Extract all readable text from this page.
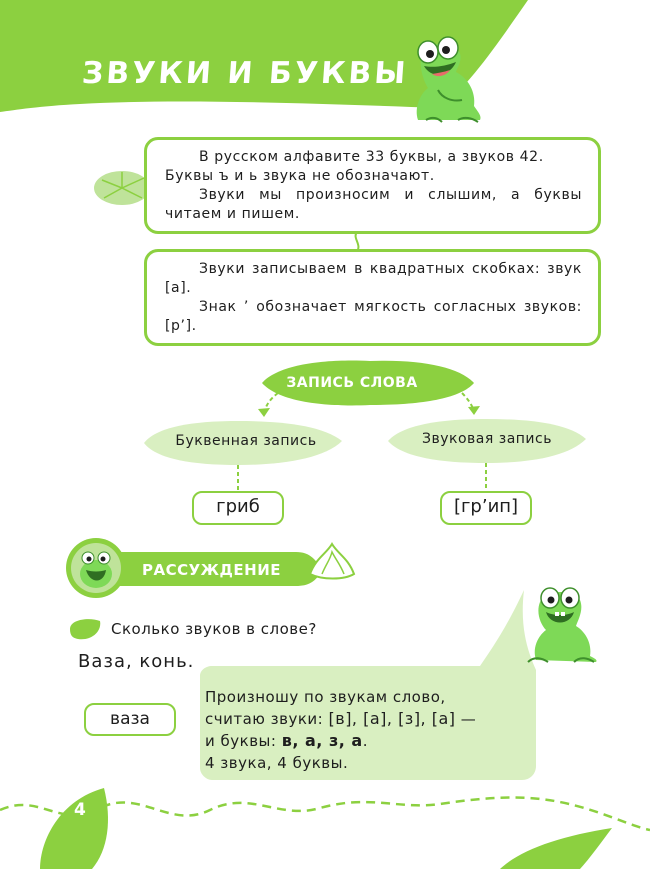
ЗВУКИ И БУКВЫ

В русском алфавите 33 буквы, а звуков 42.

Буквы ъ и ь звука не обозначают.

Звуки мы произносим и слышим, а буквы читаем и пишем.

Звуки записываем в квадратных скобках: звук [а].

Знак ’ обозначает мягкость согласных звуков: [р’].

ЗАПИСЬ СЛОВА
Буквенная запись	Звуковая запись
гриб	[гр’ип]
РАССУЖДЕНИЕ
Сколько звуков в слове?
Ваза, конь.
ваза
Произношу по звукам слово,
считаю звуки: [в], [а], [з], [а] —
и буквы: в, а, з, а.
4 звука, 4 буквы.
4
